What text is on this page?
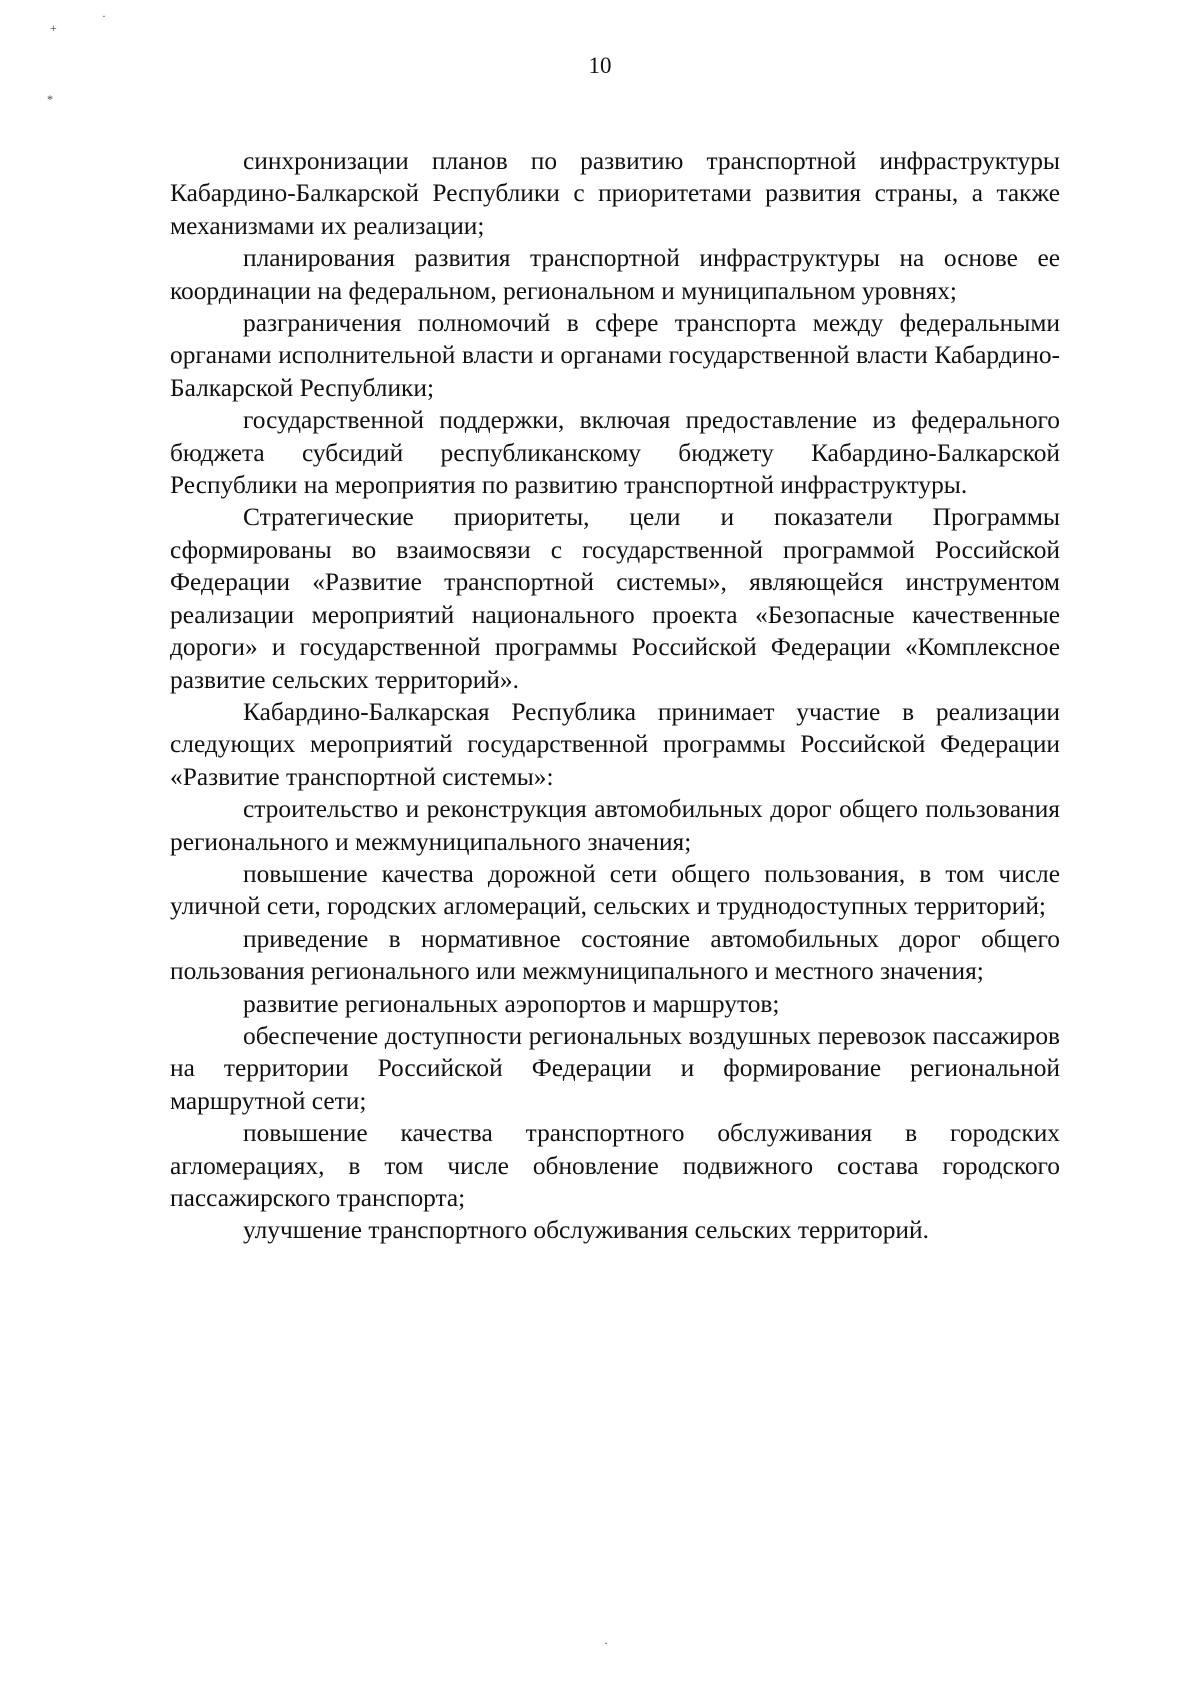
+
·
*
·
10

синхронизации планов по развитию транспортной инфраструктуры Кабардино-Балкарской Республики с приоритетами развития страны, а также механизмами их реализации;

планирования развития транспортной инфраструктуры на основе ее координации на федеральном, региональном и муниципальном уровнях;

разграничения полномочий в сфере транспорта между федеральными органами исполнительной власти и органами государственной власти Кабардино-Балкарской Республики;

государственной поддержки, включая предоставление из федерального бюджета субсидий республиканскому бюджету Кабардино-Балкарской Республики на мероприятия по развитию транспортной инфраструктуры.

Стратегические приоритеты, цели и показатели Программы сформированы во взаимосвязи с государственной программой Российской Федерации «Развитие транспортной системы», являющейся инструментом реализации мероприятий национального проекта «Безопасные качественные дороги» и государственной программы Российской Федерации «Комплексное развитие сельских территорий».

Кабардино-Балкарская Республика принимает участие в реализации следующих мероприятий государственной программы Российской Федерации «Развитие транспортной системы»:

строительство и реконструкция автомобильных дорог общего пользования регионального и межмуниципального значения;

повышение качества дорожной сети общего пользования, в том числе уличной сети, городских агломераций, сельских и труднодоступных территорий;

приведение в нормативное состояние автомобильных дорог общего пользования регионального или межмуниципального и местного значения;

развитие региональных аэропортов и маршрутов;

обеспечение доступности региональных воздушных перевозок пассажиров на территории Российской Федерации и формирование региональной маршрутной сети;

повышение качества транспортного обслуживания в городских агломерациях, в том числе обновление подвижного состава городского пассажирского транспорта;

улучшение транспортного обслуживания сельских территорий.
